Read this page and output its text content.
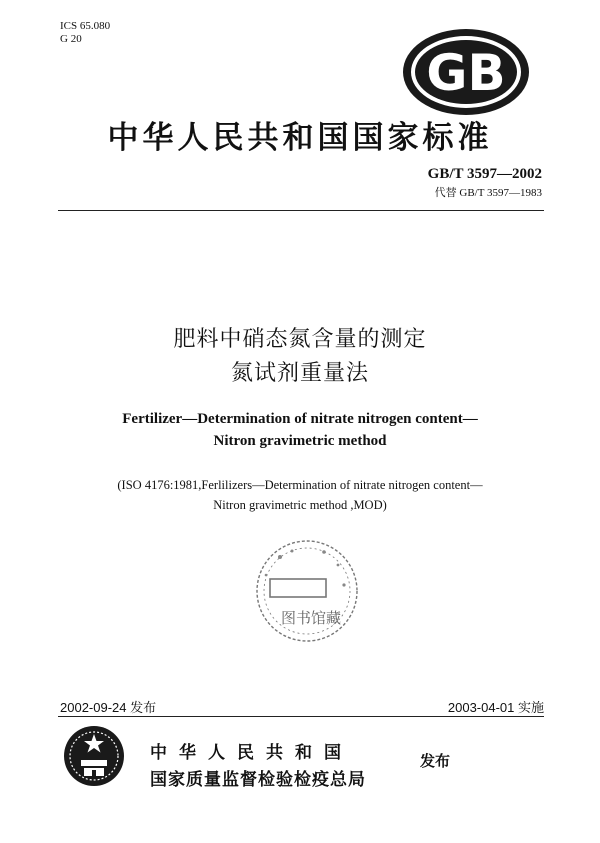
ICS 65.080
G 20
GB
中华人民共和国国家标准
GB/T 3597—2002
代替 GB/T 3597—1983
肥料中硝态氮含量的测定
氮试剂重量法
Fertilizer—Determination of nitrate nitrogen content—
Nitron gravimetric method
(ISO 4176:1981,Ferlilizers—Determination of nitrate nitrogen content—
Nitron gravimetric method ,MOD)
图书馆藏
2002-09-24 发布	2003-04-01 实施
中华人民共和国
国家质量监督检验检疫总局
发布
